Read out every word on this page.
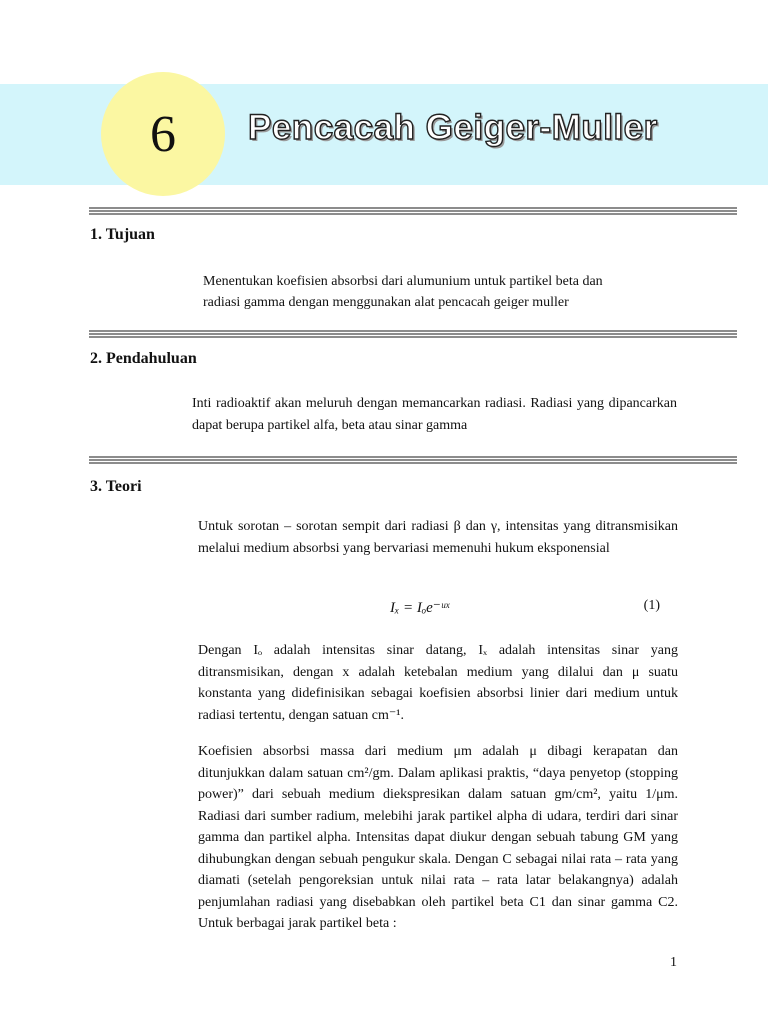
6 Pencacah Geiger-Muller
1. Tujuan

Menentukan koefisien absorbsi dari alumunium untuk partikel beta dan

radiasi gamma dengan menggunakan alat pencacah geiger muller

2. Pendahuluan

Inti radioaktif akan meluruh dengan memancarkan radiasi. Radiasi yang dipancarkan dapat berupa partikel alfa, beta atau sinar gamma

3. Teori

Untuk sorotan – sorotan sempit dari radiasi β dan γ, intensitas yang ditransmisikan melalui medium absorbsi yang bervariasi memenuhi hukum eksponensial

Iₓ = Iₒe⁻ᵘˣ	(1)

Dengan Iₒ adalah intensitas sinar datang, Iₓ adalah intensitas sinar yang ditransmisikan, dengan x adalah ketebalan medium yang dilalui dan μ suatu konstanta yang didefinisikan sebagai koefisien absorbsi linier dari medium untuk radiasi tertentu, dengan satuan cm⁻¹.

Koefisien absorbsi massa dari medium μm adalah μ dibagi kerapatan dan ditunjukkan dalam satuan cm²/gm. Dalam aplikasi praktis, “daya penyetop (stopping power)” dari sebuah medium diekspresikan dalam satuan gm/cm², yaitu 1/μm. Radiasi dari sumber radium, melebihi jarak partikel alpha di udara, terdiri dari sinar gamma dan partikel alpha. Intensitas dapat diukur dengan sebuah tabung GM yang dihubungkan dengan sebuah pengukur skala. Dengan C sebagai nilai rata – rata yang diamati (setelah pengoreksian untuk nilai rata – rata latar belakangnya) adalah penjumlahan radiasi yang disebabkan oleh partikel beta C1 dan sinar gamma C2. Untuk berbagai jarak partikel beta :

1
